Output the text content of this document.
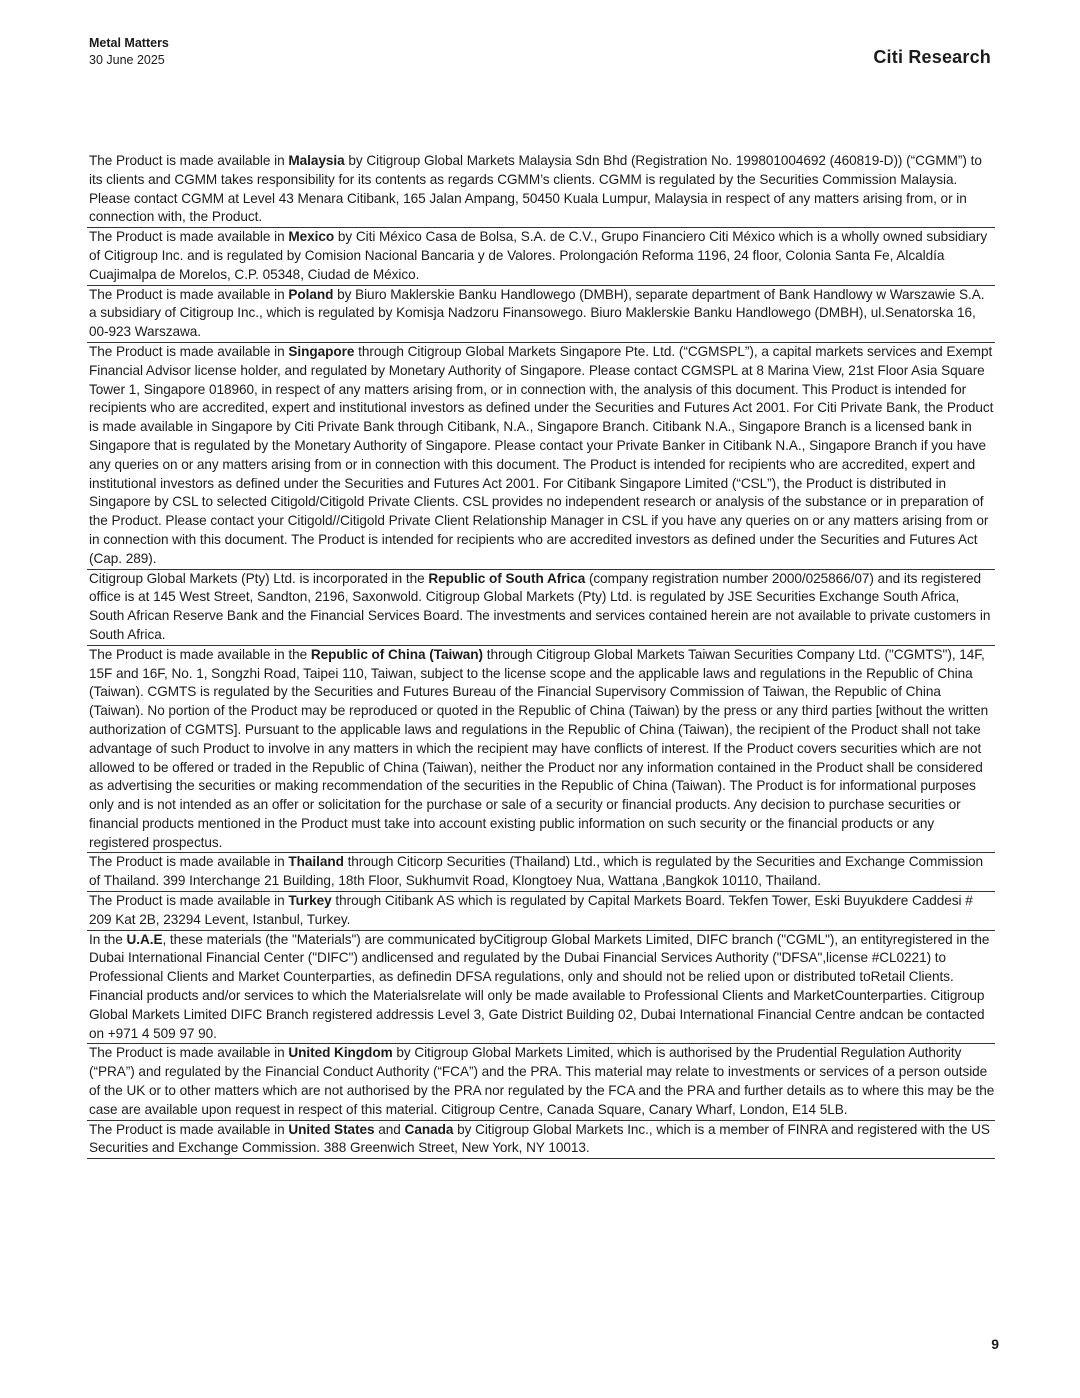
Metal Matters
30 June 2025	Citi Research
The Product is made available in Malaysia by Citigroup Global Markets Malaysia Sdn Bhd (Registration No. 199801004692 (460819-D)) (“CGMM”) to its clients and CGMM takes responsibility for its contents as regards CGMM’s clients. CGMM is regulated by the Securities Commission Malaysia. Please contact CGMM at Level 43 Menara Citibank, 165 Jalan Ampang, 50450 Kuala Lumpur, Malaysia in respect of any matters arising from, or in connection with, the Product.
The Product is made available in Mexico by Citi México Casa de Bolsa, S.A. de C.V., Grupo Financiero Citi México which is a wholly owned subsidiary of Citigroup Inc. and is regulated by Comision Nacional Bancaria y de Valores. Prolongación Reforma 1196, 24 floor, Colonia Santa Fe, Alcaldía Cuajimalpa de Morelos, C.P. 05348, Ciudad de México.
The Product is made available in Poland by Biuro Maklerskie Banku Handlowego (DMBH), separate department of Bank Handlowy w Warszawie S.A. a subsidiary of Citigroup Inc., which is regulated by Komisja Nadzoru Finansowego. Biuro Maklerskie Banku Handlowego (DMBH), ul.Senatorska 16, 00-923 Warszawa.
The Product is made available in Singapore through Citigroup Global Markets Singapore Pte. Ltd. (“CGMSPL”), a capital markets services and Exempt Financial Advisor license holder, and regulated by Monetary Authority of Singapore. Please contact CGMSPL at 8 Marina View, 21st Floor Asia Square Tower 1, Singapore 018960, in respect of any matters arising from, or in connection with, the analysis of this document. This Product is intended for recipients who are accredited, expert and institutional investors as defined under the Securities and Futures Act 2001. For Citi Private Bank, the Product is made available in Singapore by Citi Private Bank through Citibank, N.A., Singapore Branch. Citibank N.A., Singapore Branch is a licensed bank in Singapore that is regulated by the Monetary Authority of Singapore. Please contact your Private Banker in Citibank N.A., Singapore Branch if you have any queries on or any matters arising from or in connection with this document. The Product is intended for recipients who are accredited, expert and institutional investors as defined under the Securities and Futures Act 2001. For Citibank Singapore Limited (“CSL”), the Product is distributed in Singapore by CSL to selected Citigold/Citigold Private Clients. CSL provides no independent research or analysis of the substance or in preparation of the Product. Please contact your Citigold//Citigold Private Client Relationship Manager in CSL if you have any queries on or any matters arising from or in connection with this document. The Product is intended for recipients who are accredited investors as defined under the Securities and Futures Act (Cap. 289).
Citigroup Global Markets (Pty) Ltd. is incorporated in the Republic of South Africa (company registration number 2000/025866/07) and its registered office is at 145 West Street, Sandton, 2196, Saxonwold. Citigroup Global Markets (Pty) Ltd. is regulated by JSE Securities Exchange South Africa, South African Reserve Bank and the Financial Services Board. The investments and services contained herein are not available to private customers in South Africa.
The Product is made available in the Republic of China (Taiwan) through Citigroup Global Markets Taiwan Securities Company Ltd. ("CGMTS"), 14F, 15F and 16F, No. 1, Songzhi Road, Taipei 110, Taiwan, subject to the license scope and the applicable laws and regulations in the Republic of China (Taiwan). CGMTS is regulated by the Securities and Futures Bureau of the Financial Supervisory Commission of Taiwan, the Republic of China (Taiwan). No portion of the Product may be reproduced or quoted in the Republic of China (Taiwan) by the press or any third parties [without the written authorization of CGMTS]. Pursuant to the applicable laws and regulations in the Republic of China (Taiwan), the recipient of the Product shall not take advantage of such Product to involve in any matters in which the recipient may have conflicts of interest. If the Product covers securities which are not allowed to be offered or traded in the Republic of China (Taiwan), neither the Product nor any information contained in the Product shall be considered as advertising the securities or making recommendation of the securities in the Republic of China (Taiwan). The Product is for informational purposes only and is not intended as an offer or solicitation for the purchase or sale of a security or financial products. Any decision to purchase securities or financial products mentioned in the Product must take into account existing public information on such security or the financial products or any registered prospectus.
The Product is made available in Thailand through Citicorp Securities (Thailand) Ltd., which is regulated by the Securities and Exchange Commission of Thailand. 399 Interchange 21 Building, 18th Floor, Sukhumvit Road, Klongtoey Nua, Wattana ,Bangkok 10110, Thailand.
The Product is made available in Turkey through Citibank AS which is regulated by Capital Markets Board. Tekfen Tower, Eski Buyukdere Caddesi # 209 Kat 2B, 23294 Levent, Istanbul, Turkey.
In the U.A.E, these materials (the "Materials") are communicated byCitigroup Global Markets Limited, DIFC branch ("CGML"), an entityregistered in the Dubai International Financial Center ("DIFC") andlicensed and regulated by the Dubai Financial Services Authority ("DFSA",license #CL0221) to Professional Clients and Market Counterparties, as definedin DFSA regulations, only and should not be relied upon or distributed toRetail Clients. Financial products and/or services to which the Materialsrelate will only be made available to Professional Clients and MarketCounterparties. Citigroup Global Markets Limited DIFC Branch registered addressis Level 3, Gate District Building 02, Dubai International Financial Centre andcan be contacted on +971 4 509 97 90.
The Product is made available in United Kingdom by Citigroup Global Markets Limited, which is authorised by the Prudential Regulation Authority (“PRA”) and regulated by the Financial Conduct Authority (“FCA”) and the PRA. This material may relate to investments or services of a person outside of the UK or to other matters which are not authorised by the PRA nor regulated by the FCA and the PRA and further details as to where this may be the case are available upon request in respect of this material. Citigroup Centre, Canada Square, Canary Wharf, London, E14 5LB.
The Product is made available in United States and Canada by Citigroup Global Markets Inc., which is a member of FINRA and registered with the US Securities and Exchange Commission. 388 Greenwich Street, New York, NY 10013.
9
